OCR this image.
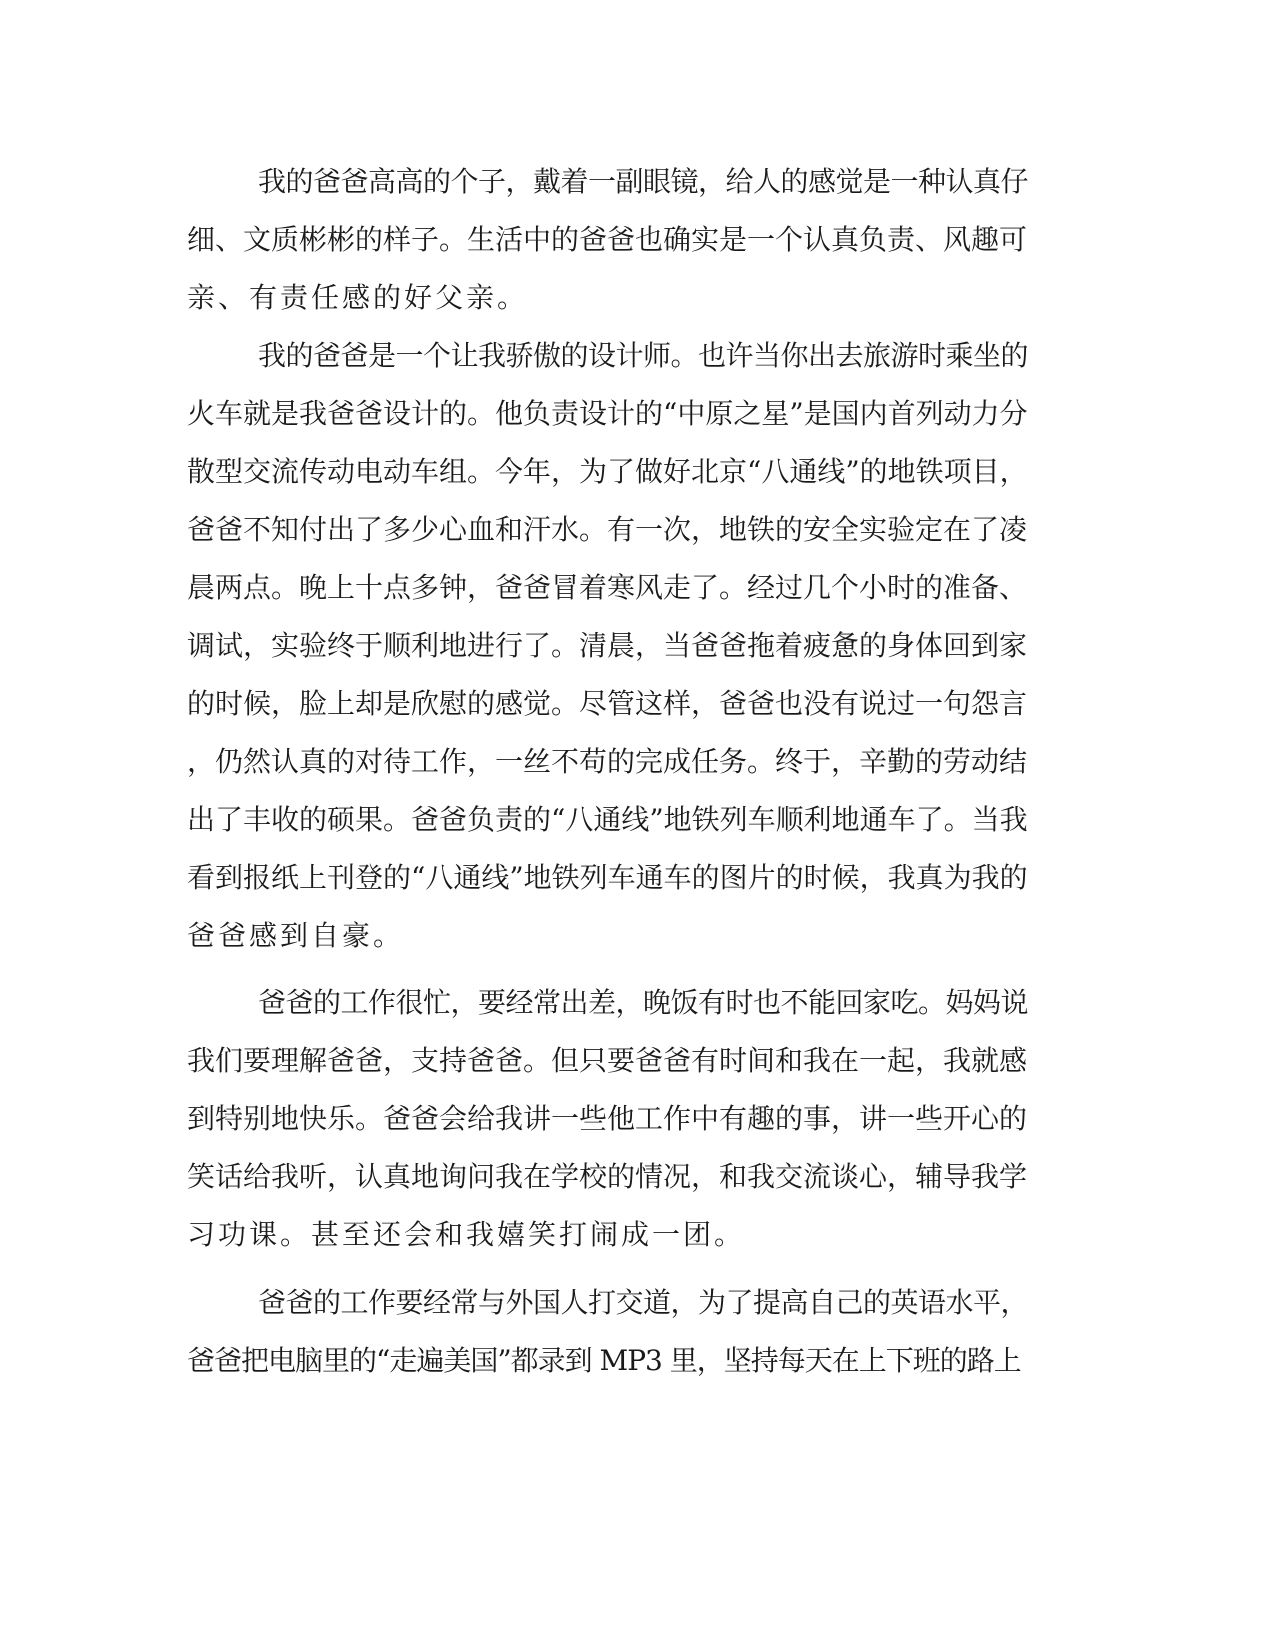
我的爸爸高高的个子，戴着一副眼镜，给人的感觉是一种认真仔
细、文质彬彬的样子。生活中的爸爸也确实是一个认真负责、风趣可
亲、有责任感的好父亲。
我的爸爸是一个让我骄傲的设计师。也许当你出去旅游时乘坐的
火车就是我爸爸设计的。他负责设计的“中原之星”是国内首列动力分
散型交流传动电动车组。今年，为了做好北京“八通线”的地铁项目，
爸爸不知付出了多少心血和汗水。有一次，地铁的安全实验定在了凌
晨两点。晚上十点多钟，爸爸冒着寒风走了。经过几个小时的准备、
调试，实验终于顺利地进行了。清晨，当爸爸拖着疲惫的身体回到家
的时候，脸上却是欣慰的感觉。尽管这样，爸爸也没有说过一句怨言
，仍然认真的对待工作，一丝不苟的完成任务。终于，辛勤的劳动结
出了丰收的硕果。爸爸负责的“八通线”地铁列车顺利地通车了。当我
看到报纸上刊登的“八通线”地铁列车通车的图片的时候，我真为我的
爸爸感到自豪。
爸爸的工作很忙，要经常出差，晚饭有时也不能回家吃。妈妈说
我们要理解爸爸，支持爸爸。但只要爸爸有时间和我在一起，我就感
到特别地快乐。爸爸会给我讲一些他工作中有趣的事，讲一些开心的
笑话给我听，认真地询问我在学校的情况，和我交流谈心，辅导我学
习功课。甚至还会和我嬉笑打闹成一团。
爸爸的工作要经常与外国人打交道，为了提高自己的英语水平，
爸爸把电脑里的“走遍美国”都录到 MP3 里，坚持每天在上下班的路上
